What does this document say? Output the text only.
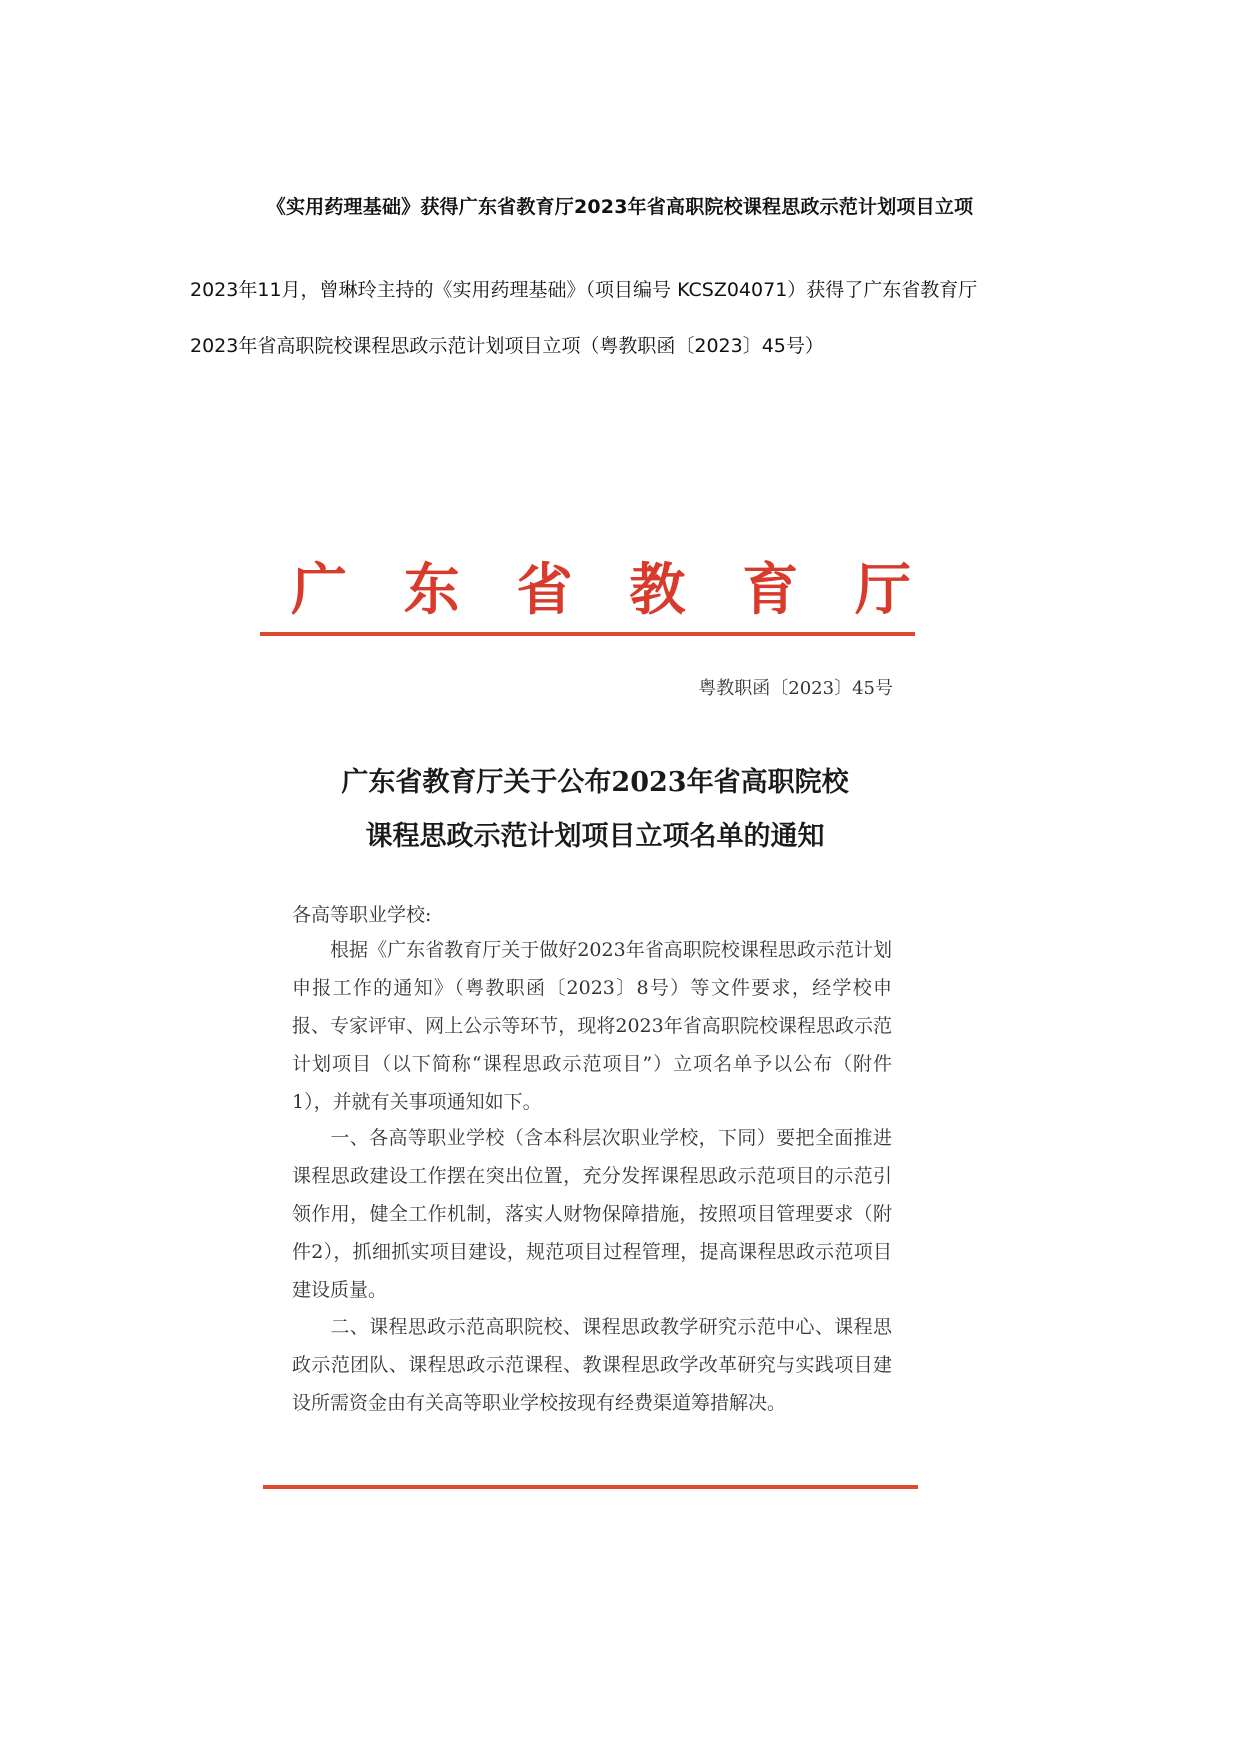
《实用药理基础》获得广东省教育厅2023年省高职院校课程思政示范计划项目立项
2023年11月，曾琳玲主持的《实用药理基础》（项目编号 KCSZ04071）获得了广东省教育厅
2023年省高职院校课程思政示范计划项目立项（粤教职函〔2023〕45号）
广 东 省 教 育 厅
粤教职函〔2023〕45号
广东省教育厅关于公布2023年省高职院校
课程思政示范计划项目立项名单的通知
各高等职业学校:
根据《广东省教育厅关于做好2023年省高职院校课程思政示范计划申报工作的通知》（粤教职函〔2023〕8号）等文件要求，经学校申报、专家评审、网上公示等环节，现将2023年省高职院校课程思政示范计划项目（以下简称“课程思政示范项目”）立项名单予以公布（附件1），并就有关事项通知如下。
一、各高等职业学校（含本科层次职业学校，下同）要把全面推进课程思政建设工作摆在突出位置，充分发挥课程思政示范项目的示范引领作用，健全工作机制，落实人财物保障措施，按照项目管理要求（附件2），抓细抓实项目建设，规范项目过程管理，提高课程思政示范项目建设质量。
二、课程思政示范高职院校、课程思政教学研究示范中心、课程思政示范团队、课程思政示范课程、教课程思政学改革研究与实践项目建设所需资金由有关高等职业学校按现有经费渠道筹措解决。
